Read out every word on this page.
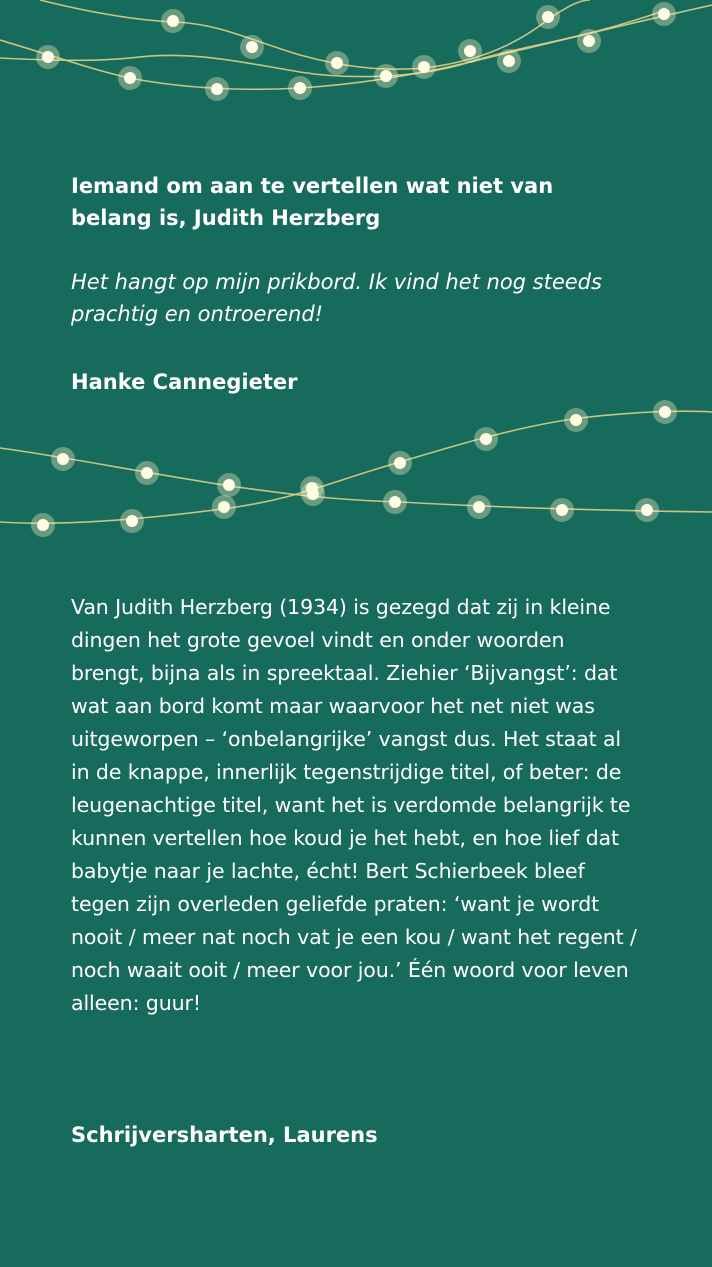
Iemand om aan te vertellen wat niet van belang is, Judith Herzberg

Het hangt op mijn prikbord. Ik vind het nog steeds prachtig en ontroerend!

Hanke Cannegieter

Van Judith Herzberg (1934) is gezegd dat zij in kleine dingen het grote gevoel vindt en onder woorden brengt, bijna als in spreektaal. Ziehier ‘Bijvangst’: dat wat aan bord komt maar waarvoor het net niet was uitgeworpen – ‘onbelangrijke’ vangst dus. Het staat al in de knappe, innerlijk tegenstrijdige titel, of beter: de leugenachtige titel, want het is verdomde belangrijk te kunnen vertellen hoe koud je het hebt, en hoe lief dat babytje naar je lachte, écht! Bert Schierbeek bleef tegen zijn overleden geliefde praten: ‘want je wordt nooit / meer nat noch vat je een kou / want het regent / noch waait ooit / meer voor jou.’ Één woord voor leven alleen: guur!

Schrijversharten, Laurens
